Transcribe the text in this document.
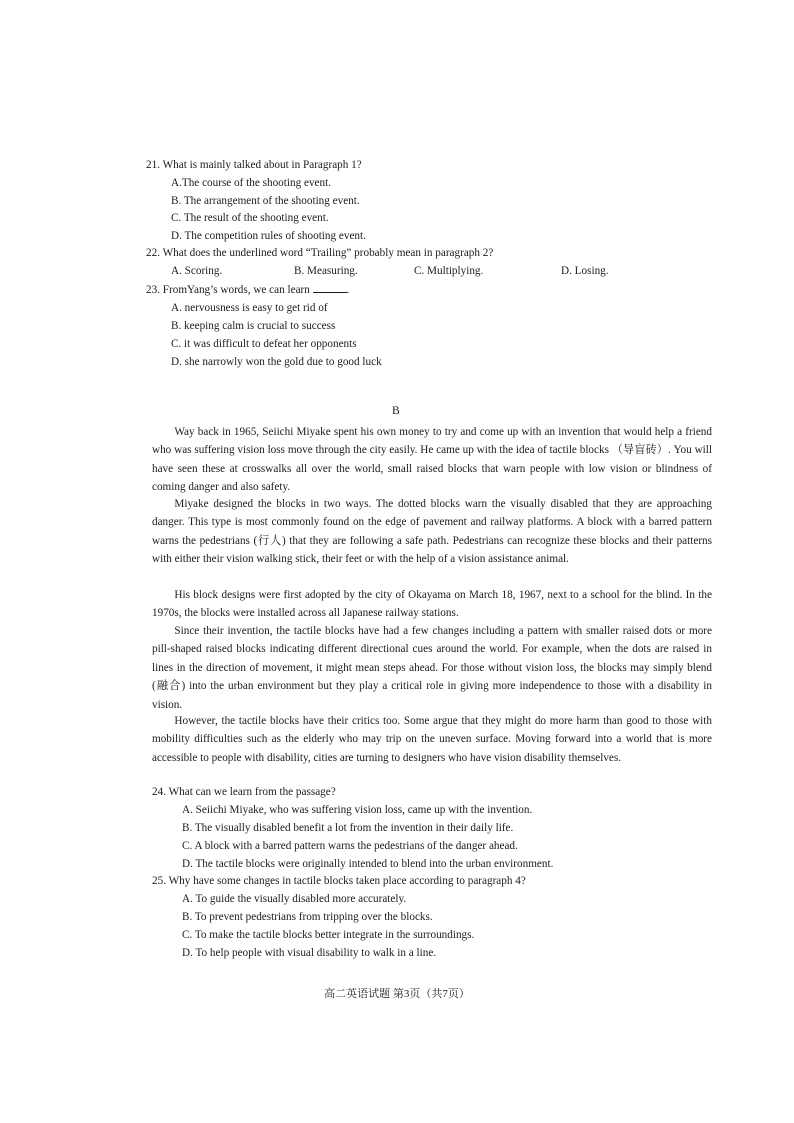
21. What is mainly talked about in Paragraph 1?
A.The course of the shooting event.
B. The arrangement of the shooting event.
C. The result of the shooting event.
D. The competition rules of shooting event.
22. What does the underlined word “Trailing” probably mean in paragraph 2?
A. Scoring.	B. Measuring.	C. Multiplying.	D. Losing.
23. FromYang’s words, we can learn	.
A. nervousness is easy to get rid of
B. keeping calm is crucial to success
C. it was difficult to defeat her opponents
D. she narrowly won the gold due to good luck
B

Way back in 1965, Seiichi Miyake spent his own money to try and come up with an invention that would help a friend who was suffering vision loss move through the city easily. He came up with the idea of tactile blocks （导盲砖）. You will have seen these at crosswalks all over the world, small raised blocks that warn people with low vision or blindness of coming danger and also safety.

Miyake designed the blocks in two ways. The dotted blocks warn the visually disabled that they are approaching danger. This type is most commonly found on the edge of pavement and railway platforms. A block with a barred pattern warns the pedestrians (行人) that they are following a safe path. Pedestrians can recognize these blocks and their patterns with either their vision walking stick, their feet or with the help of a vision assistance animal.

His block designs were first adopted by the city of Okayama on March 18, 1967, next to a school for the blind. In the 1970s, the blocks were installed across all Japanese railway stations.

Since their invention, the tactile blocks have had a few changes including a pattern with smaller raised dots or more pill-shaped raised blocks indicating different directional cues around the world. For example, when the dots are raised in lines in the direction of movement, it might mean steps ahead. For those without vision loss, the blocks may simply blend (融合) into the urban environment but they play a critical role in giving more independence to those with a disability in vision.

However, the tactile blocks have their critics too. Some argue that they might do more harm than good to those with mobility difficulties such as the elderly who may trip on the uneven surface. Moving forward into a world that is more accessible to people with disability, cities are turning to designers who have vision disability themselves.

24. What can we learn from the passage?
A. Seiichi Miyake, who was suffering vision loss, came up with the invention.
B. The visually disabled benefit a lot from the invention in their daily life.
C. A block with a barred pattern warns the pedestrians of the danger ahead.
D. The tactile blocks were originally intended to blend into the urban environment.
25. Why have some changes in tactile blocks taken place according to paragraph 4?
A. To guide the visually disabled more accurately.
B. To prevent pedestrians from tripping over the blocks.
C. To make the tactile blocks better integrate in the surroundings.
D. To help people with visual disability to walk in a line.
高二英语试题 第3页（共7页）
